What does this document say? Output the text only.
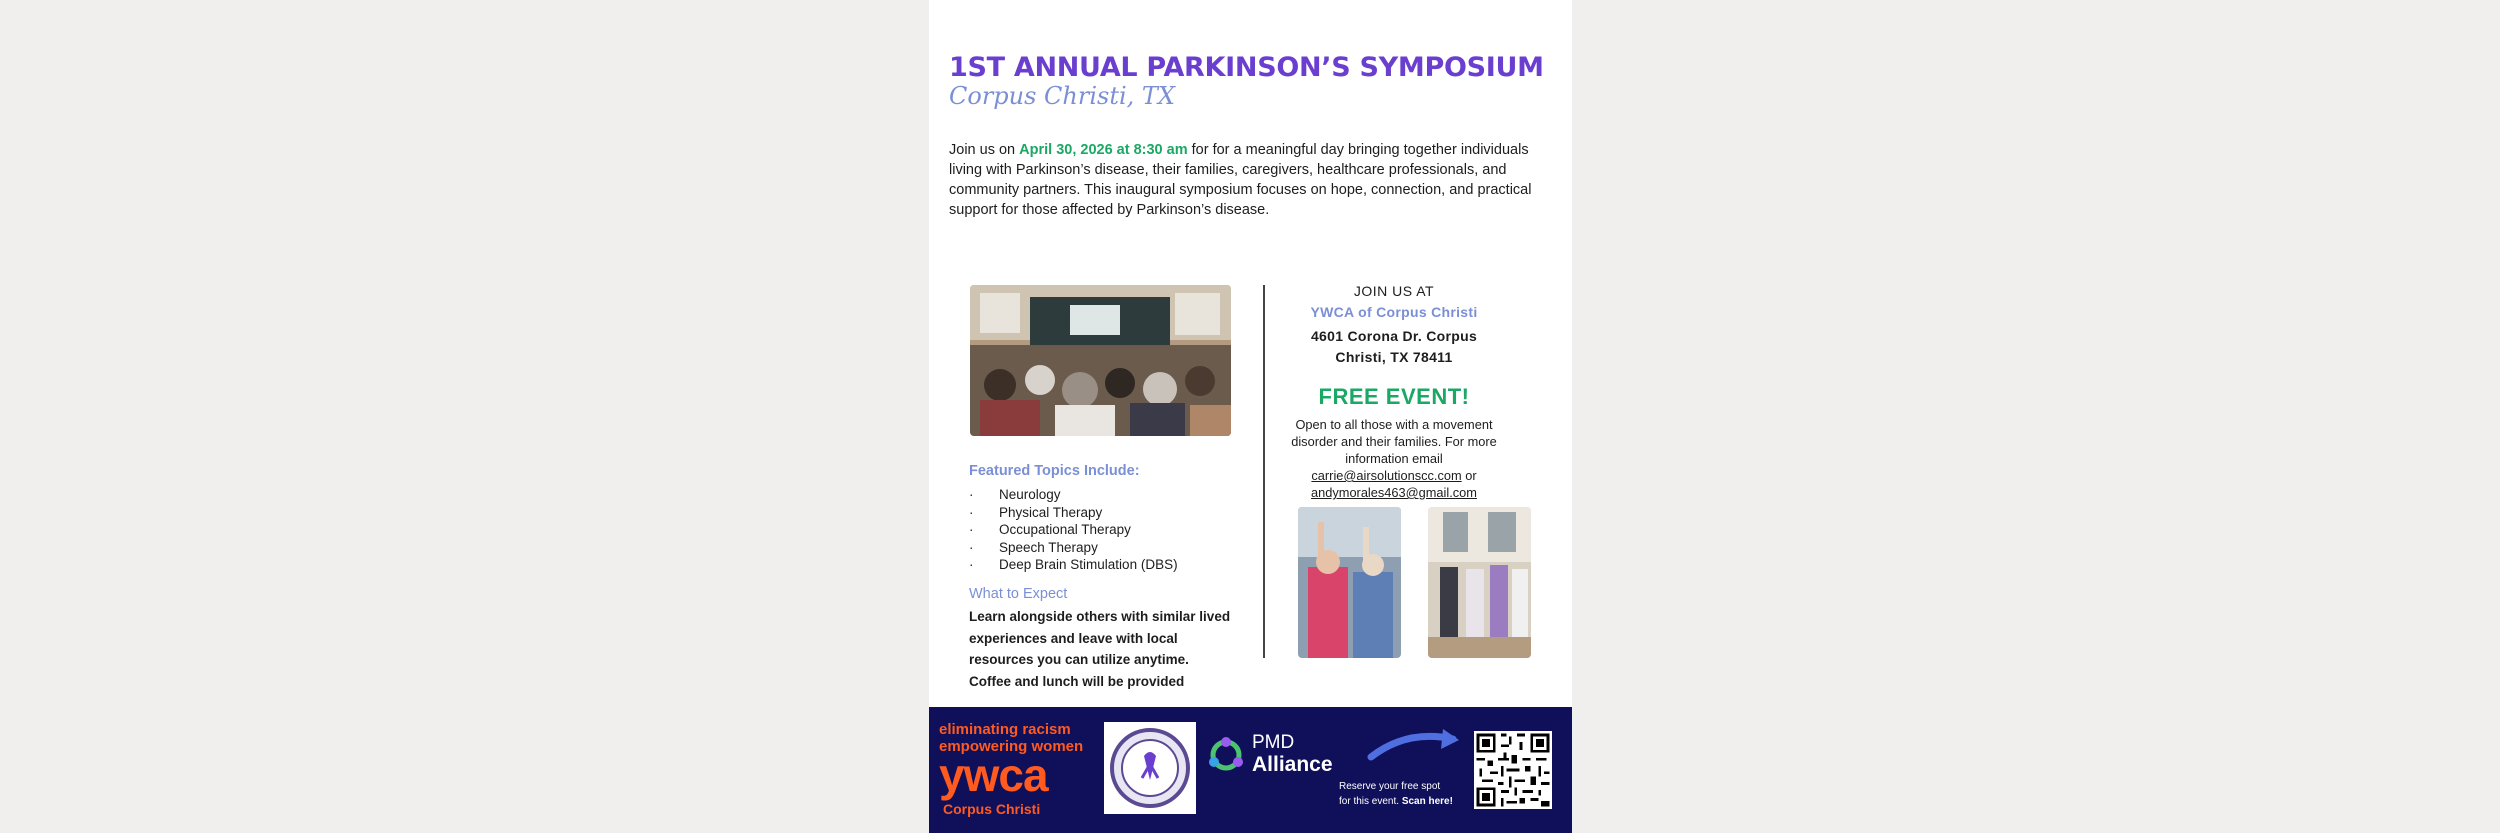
1ST ANNUAL PARKINSON’S SYMPOSIUM
Corpus Christi, TX

Join us on April 30, 2026 at 8:30 am for for a meaningful day bringing together individuals living with Parkinson’s disease, their families, caregivers, healthcare professionals, and community partners. This inaugural symposium focuses on hope, connection, and practical support for those affected by Parkinson’s disease.

Featured Topics Include:
· Neurology
· Physical Therapy
· Occupational Therapy
· Speech Therapy
· Deep Brain Stimulation (DBS)
What to Expect
Learn alongside others with similar lived experiences and leave with local resources you can utilize anytime. Coffee and lunch will be provided
JOIN US AT
YWCA of Corpus Christi
4601 Corona Dr. Corpus
Christi, TX 78411
FREE EVENT!
Open to all those with a movement disorder and their families. For more information email
carrie@airsolutionscc.com or
andymorales463@gmail.com
eliminating racism
empowering women
ywca
Corpus Christi
PMD
Alliance
Reserve your free spot
for this event. Scan here!
